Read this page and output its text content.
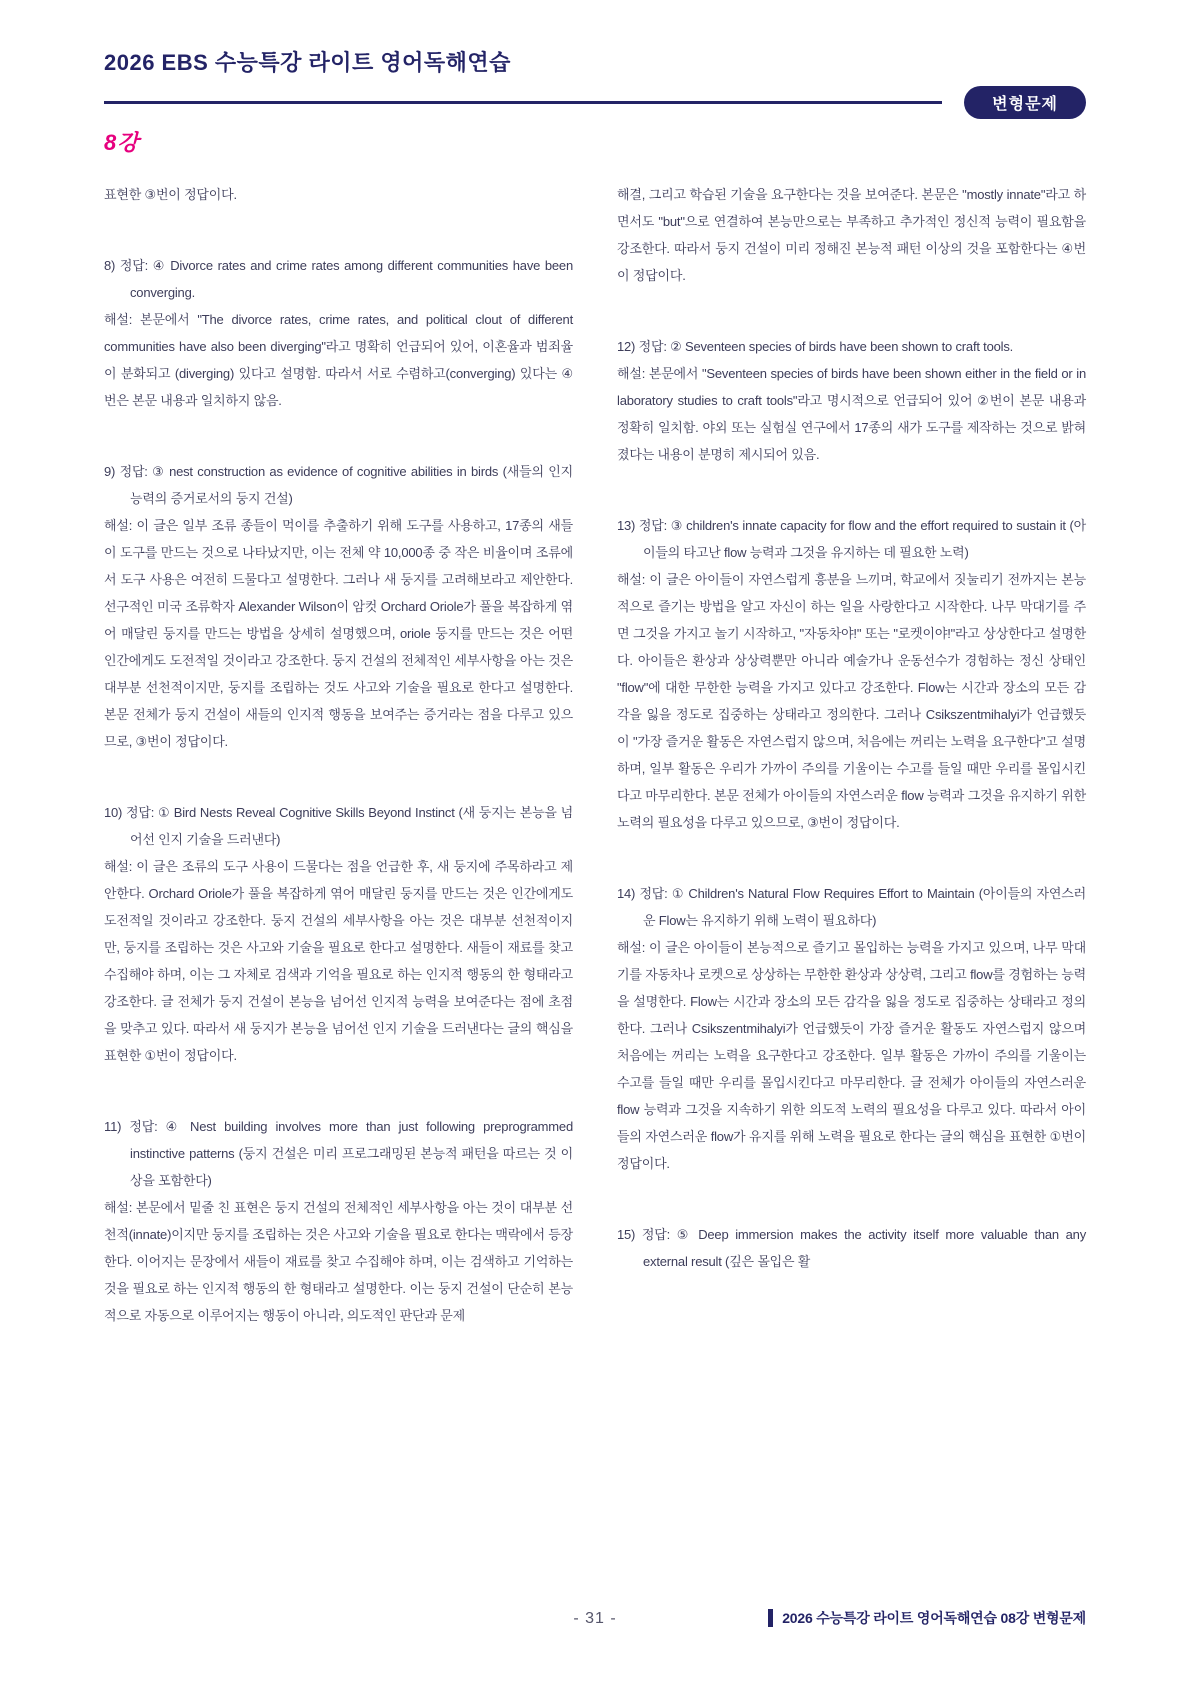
2026 EBS 수능특강 라이트 영어독해연습
변형문제
8강
표현한 ③번이 정답이다.
8) 정답: ④ Divorce rates and crime rates among different communities have been converging.
해설: 본문에서 "The divorce rates, crime rates, and political clout of different communities have also been diverging"라고 명확히 언급되어 있어, 이혼율과 범죄율이 분화되고 (diverging) 있다고 설명함. 따라서 서로 수렴하고(converging) 있다는 ④번은 본문 내용과 일치하지 않음.
9) 정답: ③ nest construction as evidence of cognitive abilities in birds (새들의 인지 능력의 증거로서의 둥지 건설)
해설: 이 글은 일부 조류 종들이 먹이를 추출하기 위해 도구를 사용하고, 17종의 새들이 도구를 만드는 것으로 나타났지만, 이는 전체 약 10,000종 중 작은 비율이며 조류에서 도구 사용은 여전히 드물다고 설명한다. 그러나 새 둥지를 고려해보라고 제안한다. 선구적인 미국 조류학자 Alexander Wilson이 암컷 Orchard Oriole가 풀을 복잡하게 엮어 매달린 둥지를 만드는 방법을 상세히 설명했으며, oriole 둥지를 만드는 것은 어떤 인간에게도 도전적일 것이라고 강조한다. 둥지 건설의 전체적인 세부사항을 아는 것은 대부분 선천적이지만, 둥지를 조립하는 것도 사고와 기술을 필요로 한다고 설명한다. 본문 전체가 둥지 건설이 새들의 인지적 행동을 보여주는 증거라는 점을 다루고 있으므로, ③번이 정답이다.
10) 정답: ① Bird Nests Reveal Cognitive Skills Beyond Instinct (새 둥지는 본능을 넘어선 인지 기술을 드러낸다)
해설: 이 글은 조류의 도구 사용이 드물다는 점을 언급한 후, 새 둥지에 주목하라고 제안한다. Orchard Oriole가 풀을 복잡하게 엮어 매달린 둥지를 만드는 것은 인간에게도 도전적일 것이라고 강조한다. 둥지 건설의 세부사항을 아는 것은 대부분 선천적이지만, 둥지를 조립하는 것은 사고와 기술을 필요로 한다고 설명한다. 새들이 재료를 찾고 수집해야 하며, 이는 그 자체로 검색과 기억을 필요로 하는 인지적 행동의 한 형태라고 강조한다. 글 전체가 둥지 건설이 본능을 넘어선 인지적 능력을 보여준다는 점에 초점을 맞추고 있다. 따라서 새 둥지가 본능을 넘어선 인지 기술을 드러낸다는 글의 핵심을 표현한 ①번이 정답이다.
11) 정답: ④ Nest building involves more than just following preprogrammed instinctive patterns (둥지 건설은 미리 프로그래밍된 본능적 패턴을 따르는 것 이상을 포함한다)
해설: 본문에서 밑줄 친 표현은 둥지 건설의 전체적인 세부사항을 아는 것이 대부분 선천적(innate)이지만 둥지를 조립하는 것은 사고와 기술을 필요로 한다는 맥락에서 등장한다. 이어지는 문장에서 새들이 재료를 찾고 수집해야 하며, 이는 검색하고 기억하는 것을 필요로 하는 인지적 행동의 한 형태라고 설명한다. 이는 둥지 건설이 단순히 본능적으로 자동으로 이루어지는 행동이 아니라, 의도적인 판단과 문제
해결, 그리고 학습된 기술을 요구한다는 것을 보여준다. 본문은 "mostly innate"라고 하면서도 "but"으로 연결하여 본능만으로는 부족하고 추가적인 정신적 능력이 필요함을 강조한다. 따라서 둥지 건설이 미리 정해진 본능적 패턴 이상의 것을 포함한다는 ④번이 정답이다.
12) 정답: ② Seventeen species of birds have been shown to craft tools.
해설: 본문에서 "Seventeen species of birds have been shown either in the field or in laboratory studies to craft tools"라고 명시적으로 언급되어 있어 ②번이 본문 내용과 정확히 일치함. 야외 또는 실험실 연구에서 17종의 새가 도구를 제작하는 것으로 밝혀졌다는 내용이 분명히 제시되어 있음.
13) 정답: ③ children's innate capacity for flow and the effort required to sustain it (아이들의 타고난 flow 능력과 그것을 유지하는 데 필요한 노력)
해설: 이 글은 아이들이 자연스럽게 흥분을 느끼며, 학교에서 짓눌리기 전까지는 본능적으로 즐기는 방법을 알고 자신이 하는 일을 사랑한다고 시작한다. 나무 막대기를 주면 그것을 가지고 놀기 시작하고, "자동차야!" 또는 "로켓이야!"라고 상상한다고 설명한다. 아이들은 환상과 상상력뿐만 아니라 예술가나 운동선수가 경험하는 정신 상태인 "flow"에 대한 무한한 능력을 가지고 있다고 강조한다. Flow는 시간과 장소의 모든 감각을 잃을 정도로 집중하는 상태라고 정의한다. 그러나 Csikszentmihalyi가 언급했듯이 "가장 즐거운 활동은 자연스럽지 않으며, 처음에는 꺼리는 노력을 요구한다"고 설명하며, 일부 활동은 우리가 가까이 주의를 기울이는 수고를 들일 때만 우리를 몰입시킨다고 마무리한다. 본문 전체가 아이들의 자연스러운 flow 능력과 그것을 유지하기 위한 노력의 필요성을 다루고 있으므로, ③번이 정답이다.
14) 정답: ① Children's Natural Flow Requires Effort to Maintain (아이들의 자연스러운 Flow는 유지하기 위해 노력이 필요하다)
해설: 이 글은 아이들이 본능적으로 즐기고 몰입하는 능력을 가지고 있으며, 나무 막대기를 자동차나 로켓으로 상상하는 무한한 환상과 상상력, 그리고 flow를 경험하는 능력을 설명한다. Flow는 시간과 장소의 모든 감각을 잃을 정도로 집중하는 상태라고 정의한다. 그러나 Csikszentmihalyi가 언급했듯이 가장 즐거운 활동도 자연스럽지 않으며 처음에는 꺼리는 노력을 요구한다고 강조한다. 일부 활동은 가까이 주의를 기울이는 수고를 들일 때만 우리를 몰입시킨다고 마무리한다. 글 전체가 아이들의 자연스러운 flow 능력과 그것을 지속하기 위한 의도적 노력의 필요성을 다루고 있다. 따라서 아이들의 자연스러운 flow가 유지를 위해 노력을 필요로 한다는 글의 핵심을 표현한 ①번이 정답이다.
15) 정답: ⑤ Deep immersion makes the activity itself more valuable than any external result (깊은 몰입은 활
- 31 -	2026 수능특강 라이트 영어독해연습 08강 변형문제
